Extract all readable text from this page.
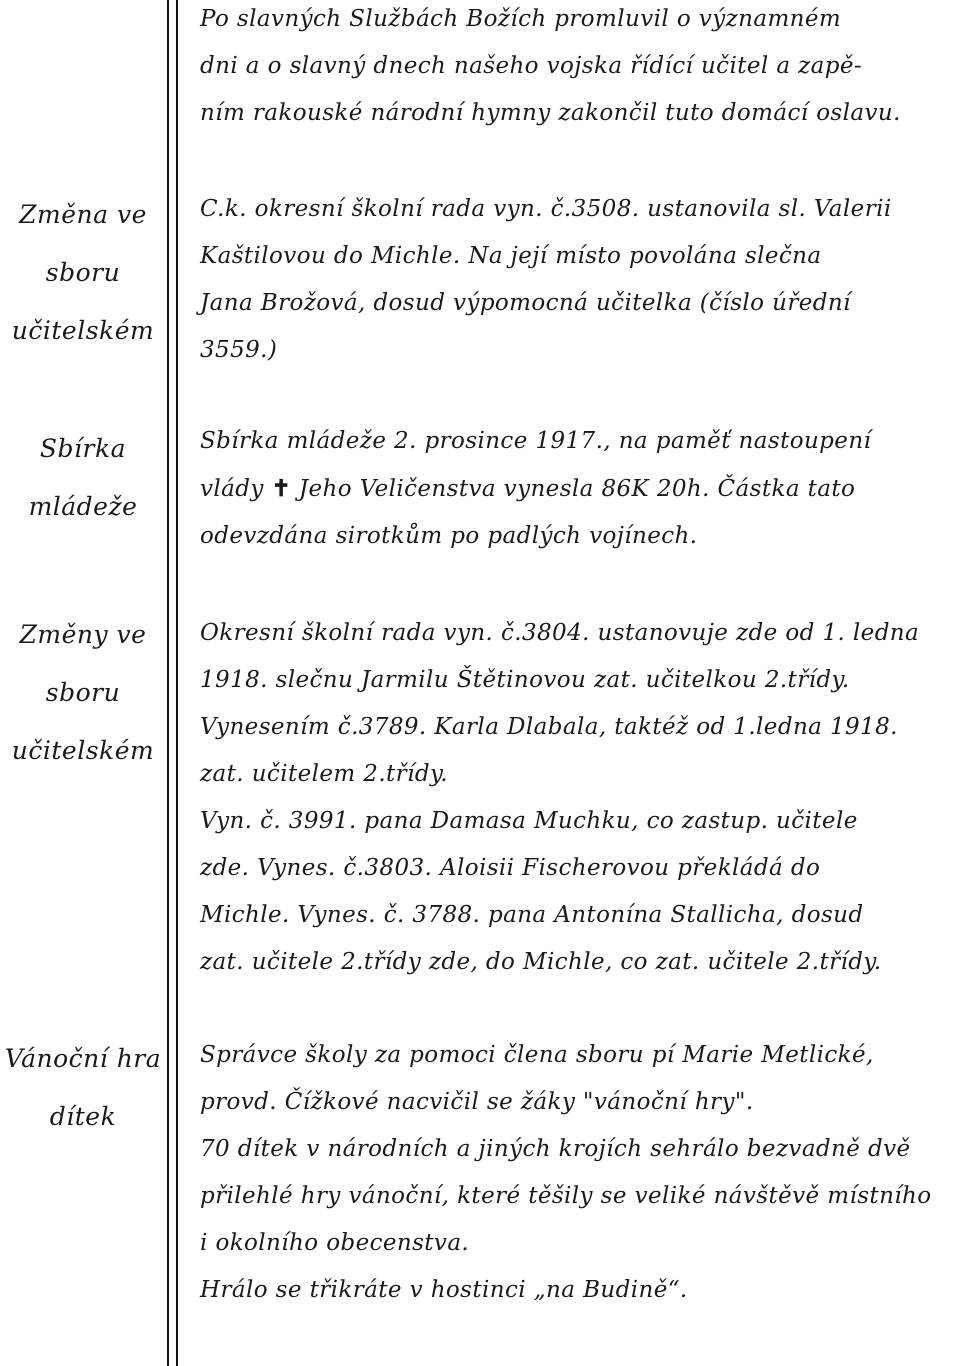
Po slavných Službách Božích promluvil o významném

dni a o slavný dnech našeho vojska řídící učitel a zapě-

ním rakouské národní hymny zakončil tuto domácí oslavu.

Změna ve
sboru
učitelském

C.k. okresní školní rada vyn. č.3508. ustanovila sl. Valerii

Kaštilovou do Michle. Na její místo povolána slečna

Jana Brožová, dosud výpomocná učitelka (číslo úřední

3559.)

Sbírka
mládeže

Sbírka mládeže 2. prosince 1917., na paměť nastoupení

vlády ✝ Jeho Veličenstva vynesla 86K 20h. Částka tato

odevzdána sirotkům po padlých vojínech.

Změny ve
sboru
učitelském

Okresní školní rada vyn. č.3804. ustanovuje zde od 1. ledna

1918. slečnu Jarmilu Štětinovou zat. učitelkou 2.třídy.

Vynesením č.3789. Karla Dlabala, taktéž od 1.ledna 1918.

zat. učitelem 2.třídy.

Vyn. č. 3991. pana Damasa Muchku, co zastup. učitele

zde. Vynes. č.3803. Aloisii Fischerovou překládá do

Michle. Vynes. č. 3788. pana Antonína Stallicha, dosud

zat. učitele 2.třídy zde, do Michle, co zat. učitele 2.třídy.

Vánoční hra
dítek

Správce školy za pomoci člena sboru pí Marie Metlické,

provd. Čížkové nacvičil se žáky "vánoční hry".

70 dítek v národních a jiných krojích sehrálo bezvadně dvě

přilehlé hry vánoční, které těšily se veliké návštěvě místního

i okolního obecenstva.

Hrálo se třikráte v hostinci „na Budině“.
